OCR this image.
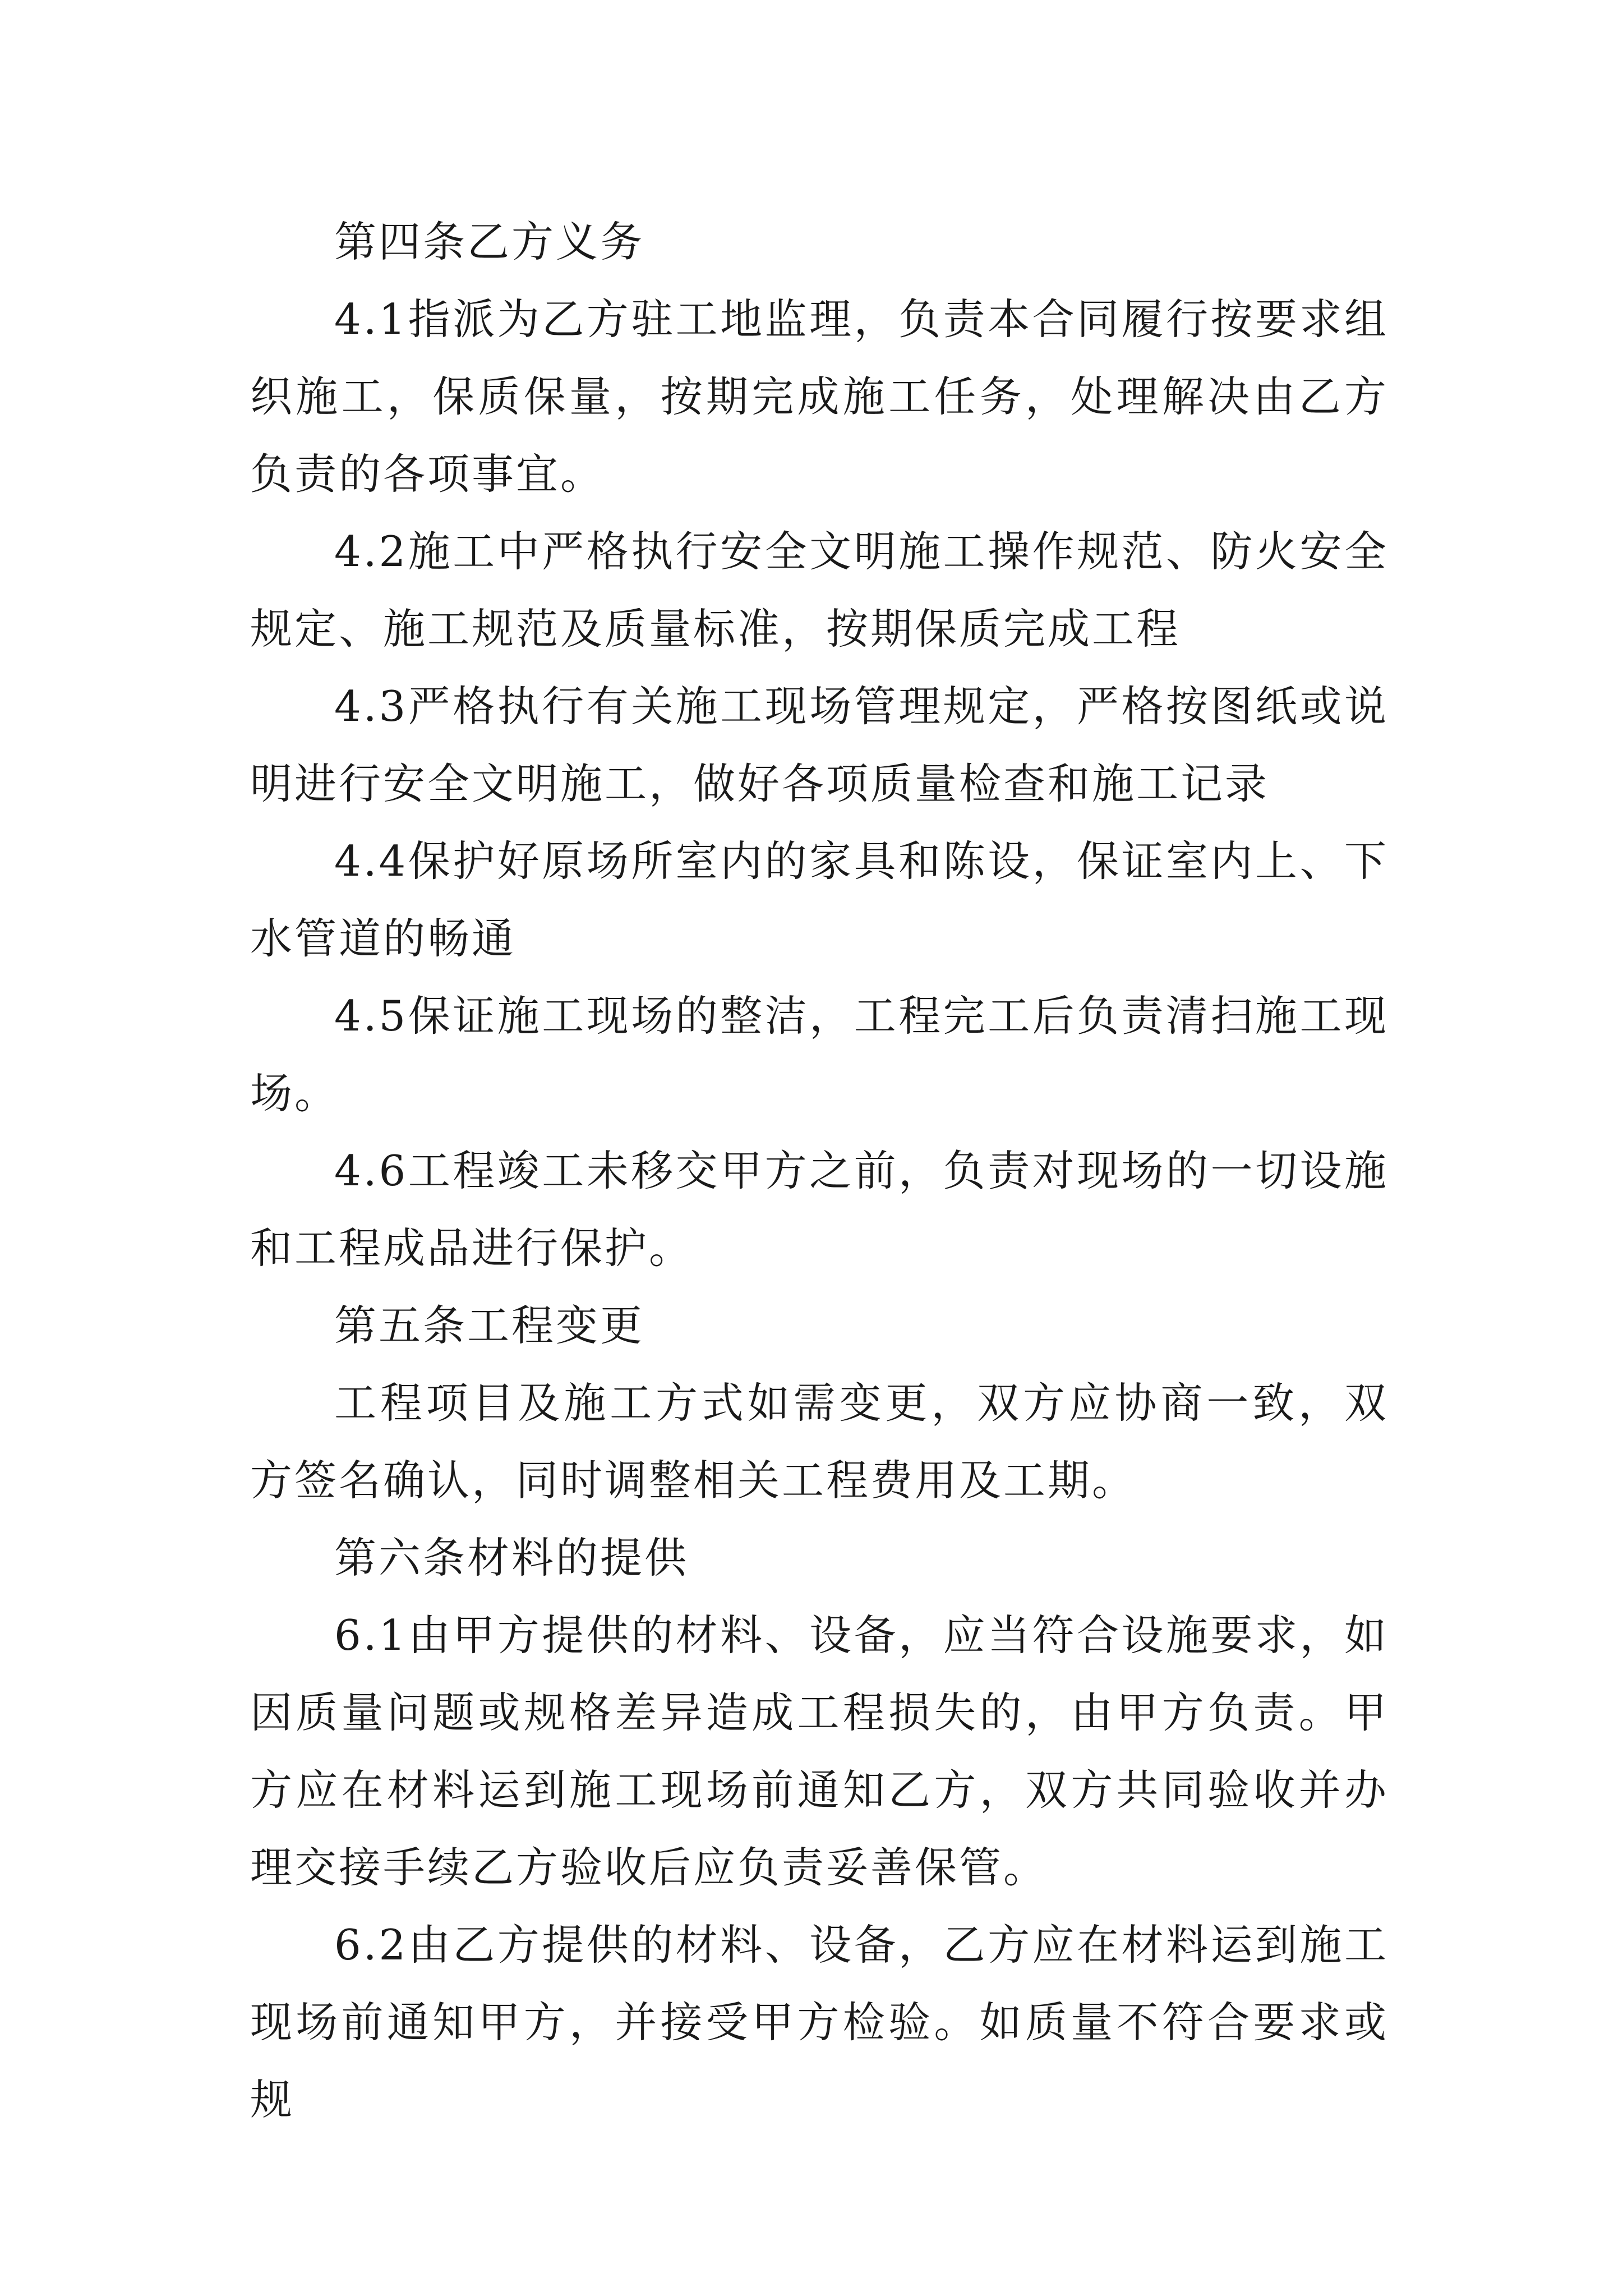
第四条乙方义务

4.1指派为乙方驻工地监理，负责本合同履行按要求组织施工，保质保量，按期完成施工任务，处理解决由乙方负责的各项事宜。

4.2施工中严格执行安全文明施工操作规范、防火安全规定、施工规范及质量标准，按期保质完成工程

4.3严格执行有关施工现场管理规定，严格按图纸或说明进行安全文明施工，做好各项质量检查和施工记录

4.4保护好原场所室内的家具和陈设，保证室内上、下水管道的畅通

4.5保证施工现场的整洁，工程完工后负责清扫施工现场。

4.6工程竣工未移交甲方之前，负责对现场的一切设施和工程成品进行保护。

第五条工程变更

工程项目及施工方式如需变更，双方应协商一致，双方签名确认，同时调整相关工程费用及工期。

第六条材料的提供

6.1由甲方提供的材料、设备，应当符合设施要求，如因质量问题或规格差异造成工程损失的，由甲方负责。甲方应在材料运到施工现场前通知乙方，双方共同验收并办理交接手续乙方验收后应负责妥善保管。

6.2由乙方提供的材料、设备，乙方应在材料运到施工现场前通知甲方，并接受甲方检验。如质量不符合要求或规
